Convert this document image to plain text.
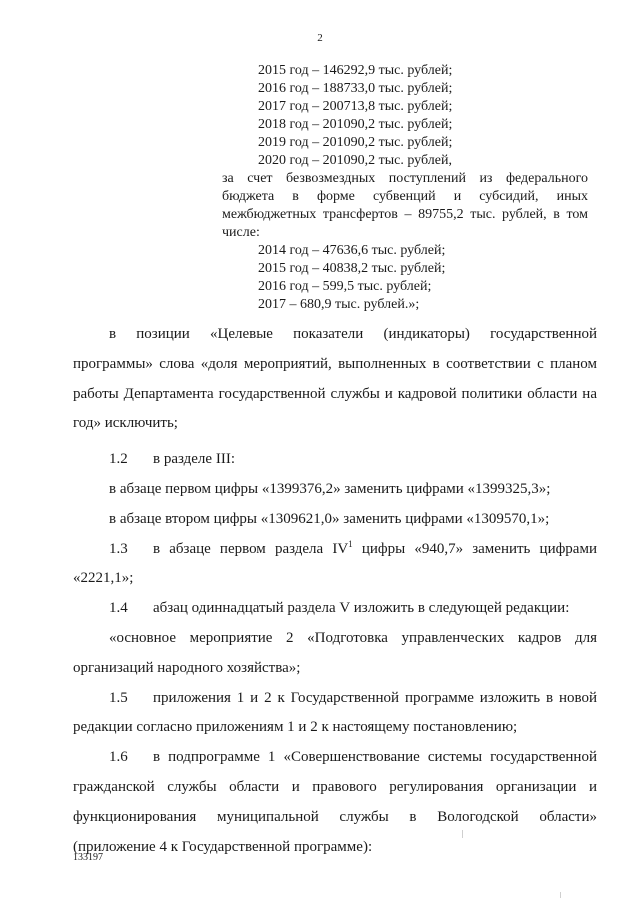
2
2015 год – 146292,9 тыс. рублей;
2016 год – 188733,0 тыс. рублей;
2017 год – 200713,8 тыс. рублей;
2018 год – 201090,2 тыс. рублей;
2019 год – 201090,2 тыс. рублей;
2020 год – 201090,2 тыс. рублей,
за счет безвозмездных поступлений из федерального бюджета в форме субвенций и субсидий, иных межбюджетных трансфертов – 89755,2 тыс. рублей, в том числе:
2014 год – 47636,6 тыс. рублей;
2015 год – 40838,2 тыс. рублей;
2016 год – 599,5 тыс. рублей;
2017 – 680,9 тыс. рублей.»;

в позиции «Целевые показатели (индикаторы) государственной программы» слова «доля мероприятий, выполненных в соответствии с планом работы Департамента государственной службы и кадровой политики области на год» исключить;

1.2 в разделе III:

в абзаце первом цифры «1399376,2» заменить цифрами «1399325,3»;

в абзаце втором цифры «1309621,0» заменить цифрами «1309570,1»;

1.3 в абзаце первом раздела $IV^1$ цифры «940,7» заменить цифрами «2221,1»;

1.4 абзац одиннадцатый раздела V изложить в следующей редакции:

«основное мероприятие 2 «Подготовка управленческих кадров для организаций народного хозяйства»;

1.5 приложения 1 и 2 к Государственной программе изложить в новой редакции согласно приложениям 1 и 2 к настоящему постановлению;

1.6 в подпрограмме 1 «Совершенствование системы государственной гражданской службы области и правового регулирования организации и функционирования муниципальной службы в Вологодской области» (приложение 4 к Государственной программе):

133197
